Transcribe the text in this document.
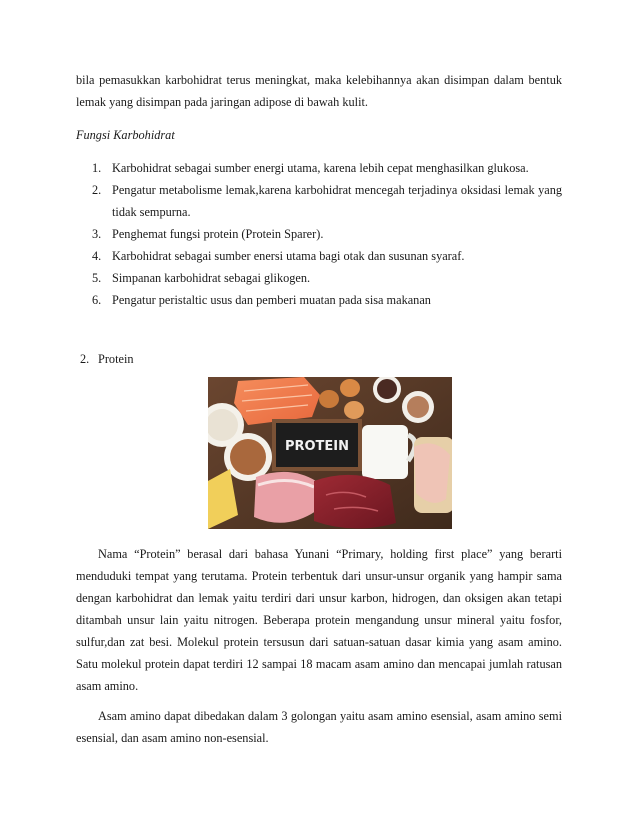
bila pemasukkan karbohidrat terus meningkat, maka kelebihannya akan disimpan dalam bentuk lemak yang disimpan pada jaringan adipose di bawah kulit.

Fungsi Karbohidrat

1. Karbohidrat sebagai sumber energi utama, karena lebih cepat menghasilkan glukosa.
2. Pengatur metabolisme lemak,karena karbohidrat mencegah terjadinya oksidasi lemak yang tidak sempurna.
3. Penghemat fungsi protein (Protein Sparer).
4. Karbohidrat sebagai sumber enersi utama bagi otak dan susunan syaraf.
5. Simpanan karbohidrat sebagai glikogen.
6. Pengatur peristaltic usus dan pemberi muatan pada sisa makanan

2. Protein

PROTEIN

Nama “Protein” berasal dari bahasa Yunani “Primary, holding first place” yang berarti menduduki tempat yang terutama. Protein terbentuk dari unsur-unsur organik yang hampir sama dengan karbohidrat dan lemak yaitu terdiri dari unsur karbon, hidrogen, dan oksigen akan tetapi ditambah unsur lain yaitu nitrogen. Beberapa protein mengandung unsur mineral yaitu fosfor, sulfur,dan zat besi. Molekul protein tersusun dari satuan-satuan dasar kimia yang asam amino. Satu molekul protein dapat terdiri 12 sampai 18 macam asam amino dan mencapai jumlah ratusan asam amino.

Asam amino dapat dibedakan dalam 3 golongan yaitu asam amino esensial, asam amino semi esensial, dan asam amino non-esensial.
